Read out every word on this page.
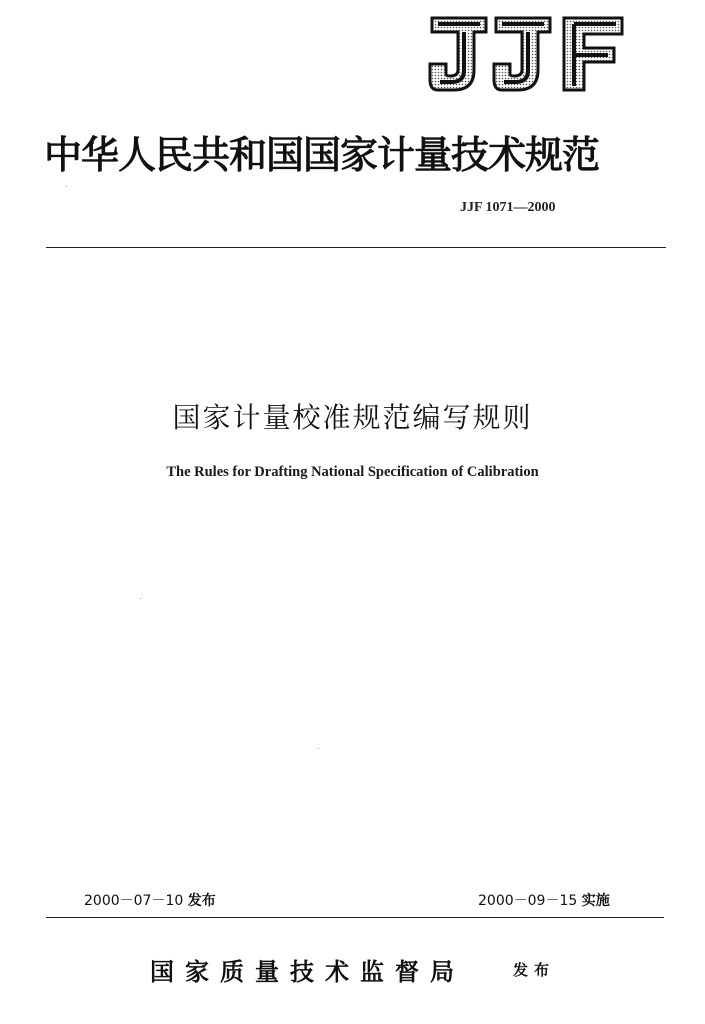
中华人民共和国国家计量技术规范
JJF 1071—2000
国家计量校准规范编写规则
The Rules for Drafting National Specification of Calibration
2000－07－10 发布	2000－09－15 实施
国家质量技术监督局	发布
